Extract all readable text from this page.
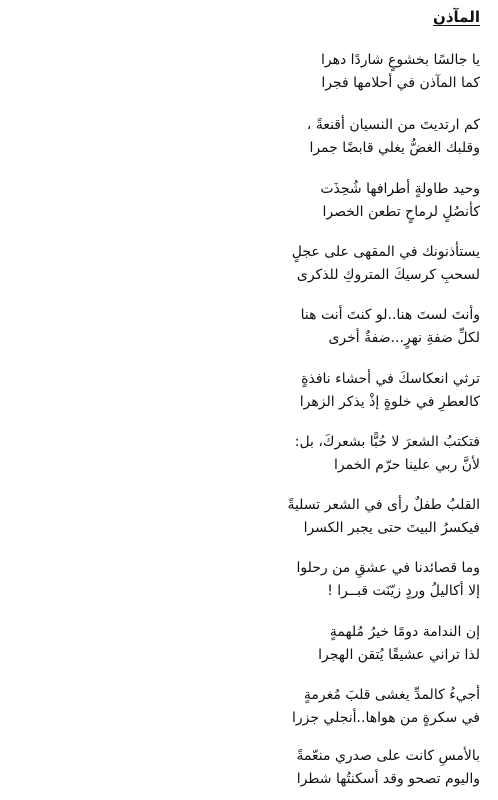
المآذن
يا جالسًا بخشوعٍ شاردًا دهرا
كما المآذن في أحلامها فجرا
كم ارتديتَ من النسيان أقنعةً ،
وقلبك الغضُّ يغلي قابضًا جمرا
وحيد طاولةٍ أطرافها شُحِذَت
كأنصُلٍ لرماحٍ تطعن الخصرا
يستأذنونك في المقهى على عجلٍ
لسحبِ كرسيكَ المتروكِ للذكرى
وأنتَ لستَ هنا..لو كنتَ أنت هنا
لكلِّ ضفةِ نهرٍ...ضفةٌ أخرى
ترثي انعكاسكَ في أحشاء نافذةٍ
كالعطرِ في خلوةٍ إذْ يذكر الزهرا
فتكتبُ الشعرَ لا حُبًّا بشعركَ، بل:
لأنَّ ربي علينا حرّم الخمرا
القلبُ طفلٌ رأى في الشعر تسليةً
فيكسرُ البيتَ حتى يجبر الكسرا
وما قصائدنا في عشقِ من رحلوا
إلا أكاليلُ وردٍ زيّنَت قبــرا !
إن الندامة دومًا خيرُ مُلهمةٍ
لذا تراني عشيقًا يُتقن الهجرا
أجيءُ كالمدِّ يغشى قلبَ مُغرمةٍ
في سكرةٍ من هواها..أنجلي جزرا
بالأمسِ كانت على صدري منعّمةً
واليوم تصحو وقد أسكنتُها شطرا
